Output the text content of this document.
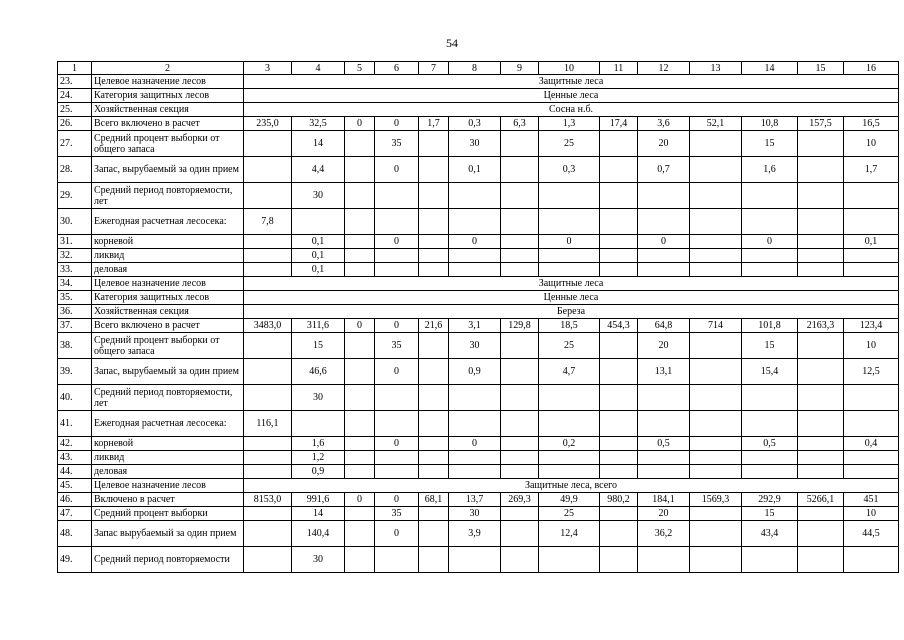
54
1	2	3	4	5	6	7	8	9	10	11	12	13	14	15	16
23.	Целевое назначение лесов	Защитные леса													
24.	Категория защитных лесов	Ценные леса													
25.	Хозяйственная секция	Сосна н.б.													
26.	Всего включено в расчет	235,0	32,5	0	0	1,7	0,3	6,3	1,3	17,4	3,6	52,1	10,8	157,5	16,5
27.	Средний процент выборки от общего запаса		14		35		30		25		20		15		10
28.	Запас, вырубаемый за один прием		4,4		0		0,1		0,3		0,7		1,6		1,7
29.	Средний период повторяемости, лет		30												
30.	Ежегодная расчетная лесосека:	7,8													
31.	корневой		0,1		0		0		0		0		0		0,1
32.	ликвид		0,1												
33.	деловая		0,1												
34.	Целевое назначение лесов	Защитные леса													
35.	Категория защитных лесов	Ценные леса													
36.	Хозяйственная секция	Береза													
37.	Всего включено в расчет	3483,0	311,6	0	0	21,6	3,1	129,8	18,5	454,3	64,8	714	101,8	2163,3	123,4
38.	Средний процент выборки от общего запаса		15		35		30		25		20		15		10
39.	Запас, вырубаемый за один прием		46,6		0		0,9		4,7		13,1		15,4		12,5
40.	Средний период повторяемости, лет		30												
41.	Ежегодная расчетная лесосека:	116,1													
42.	корневой		1,6		0		0		0,2		0,5		0,5		0,4
43.	ликвид		1,2												
44.	деловая		0,9												
45.	Целевое назначение лесов	Защитные леса, всего													
46.	Включено в расчет	8153,0	991,6	0	0	68,1	13,7	269,3	49,9	980,2	184,1	1569,3	292,9	5266,1	451
47.	Средний процент выборки		14		35		30		25		20		15		10
48.	Запас вырубаемый за один прием		140,4		0		3,9		12,4		36,2		43,4		44,5
49.	Средний период повторяемости		30												
